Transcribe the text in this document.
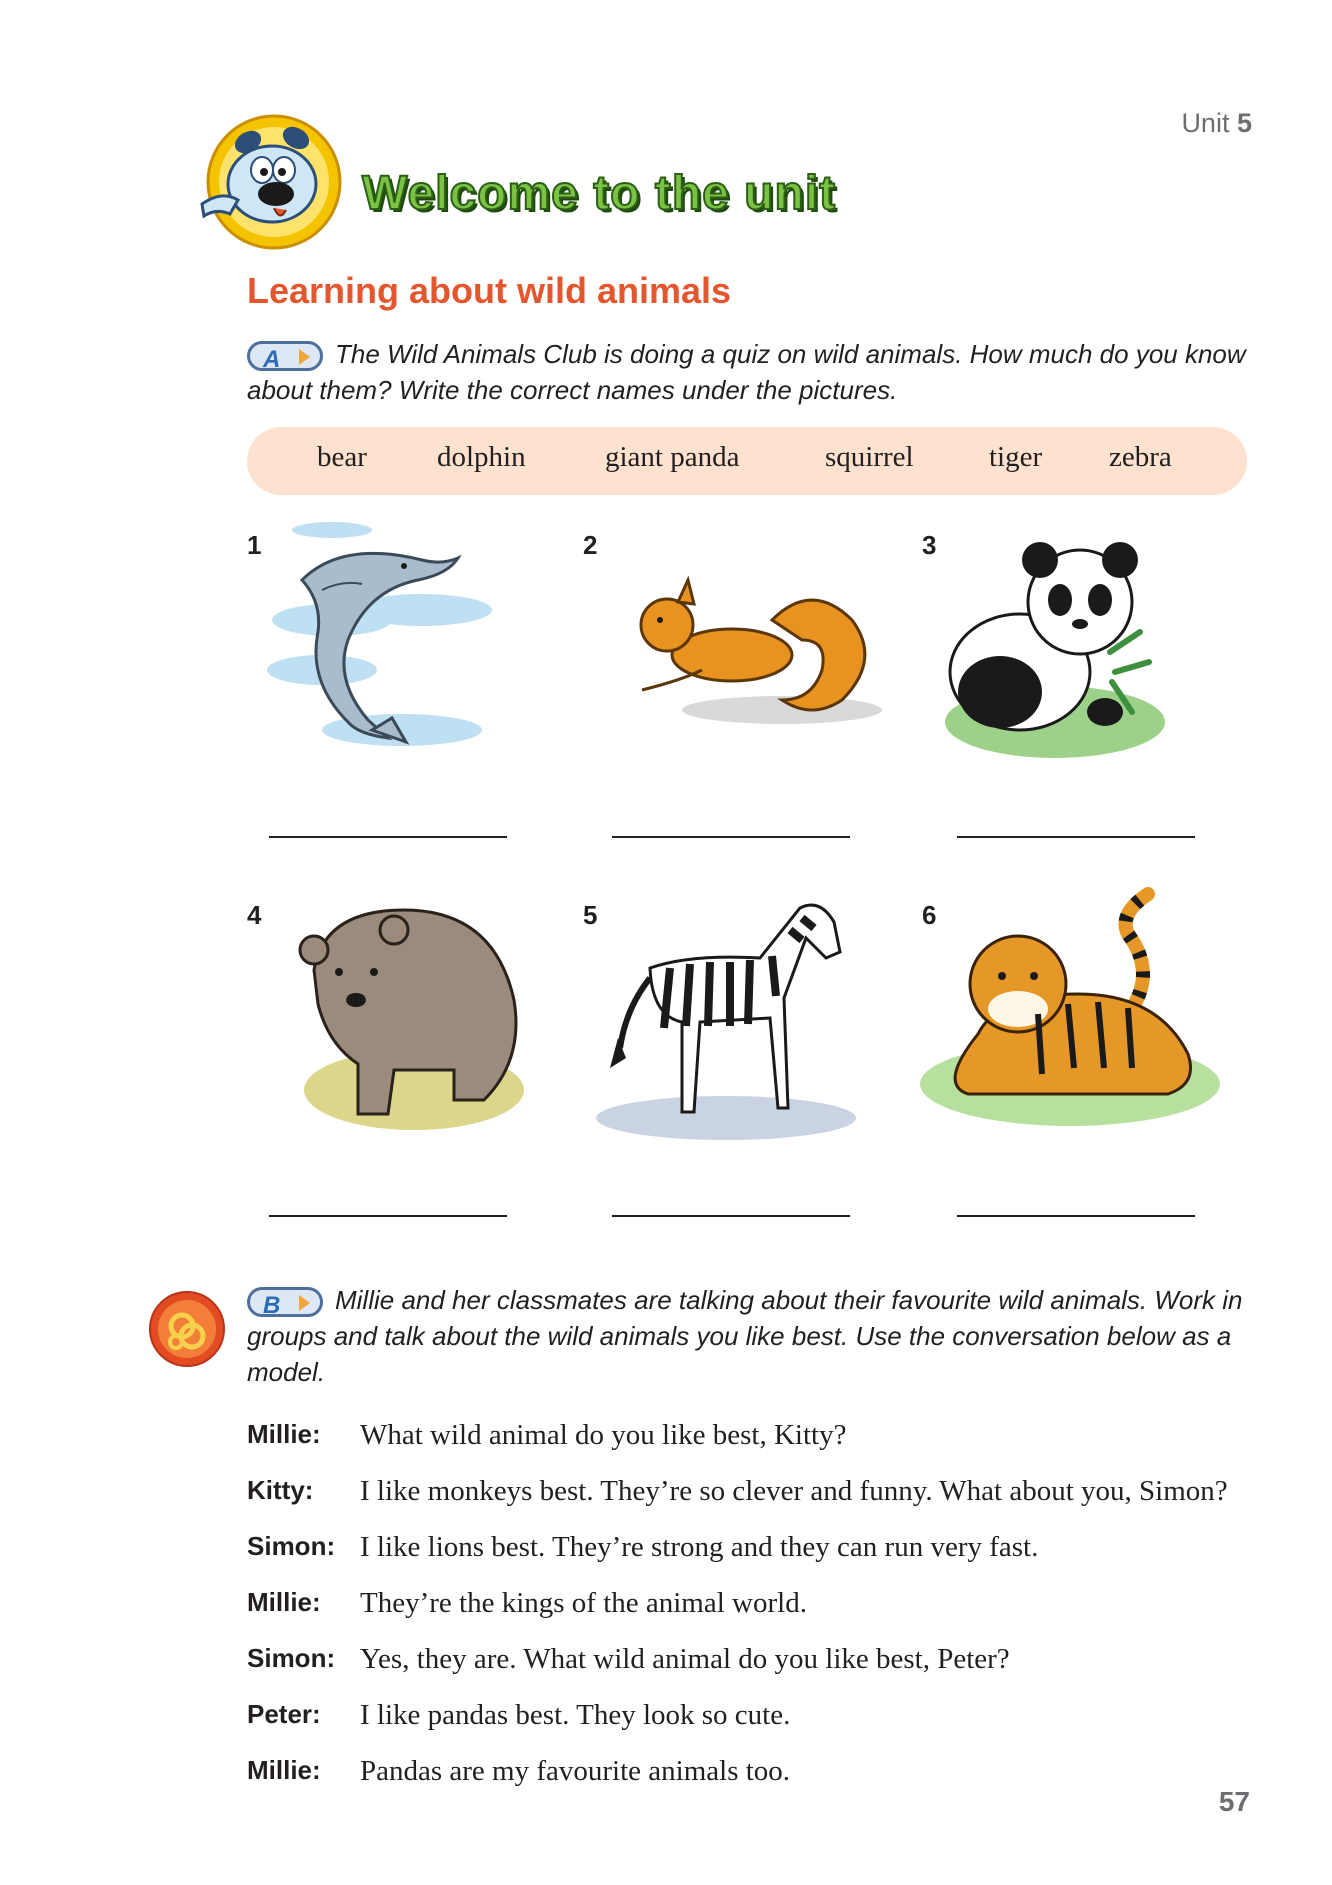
Unit 5
Welcome to the unit
Learning about wild animals
A The Wild Animals Club is doing a quiz on wild animals. How much do you know about them? Write the correct names under the pictures.
bear dolphin	giant panda	squirrel	tiger zebra
1	2	3
4	5	6
B Millie and her classmates are talking about their favourite wild animals. Work in groups and talk about the wild animals you like best. Use the conversation below as a model.
Millie:	What wild animal do you like best, Kitty?
Kitty:	I like monkeys best. They’re so clever and funny. What about you, Simon?
Simon: I like lions best. They’re strong and they can run very fast.
Millie:	They’re the kings of the animal world.
Simon: Yes, they are. What wild animal do you like best, Peter?
Peter:	I like pandas best. They look so cute.
Millie:	Pandas are my favourite animals too.
57
